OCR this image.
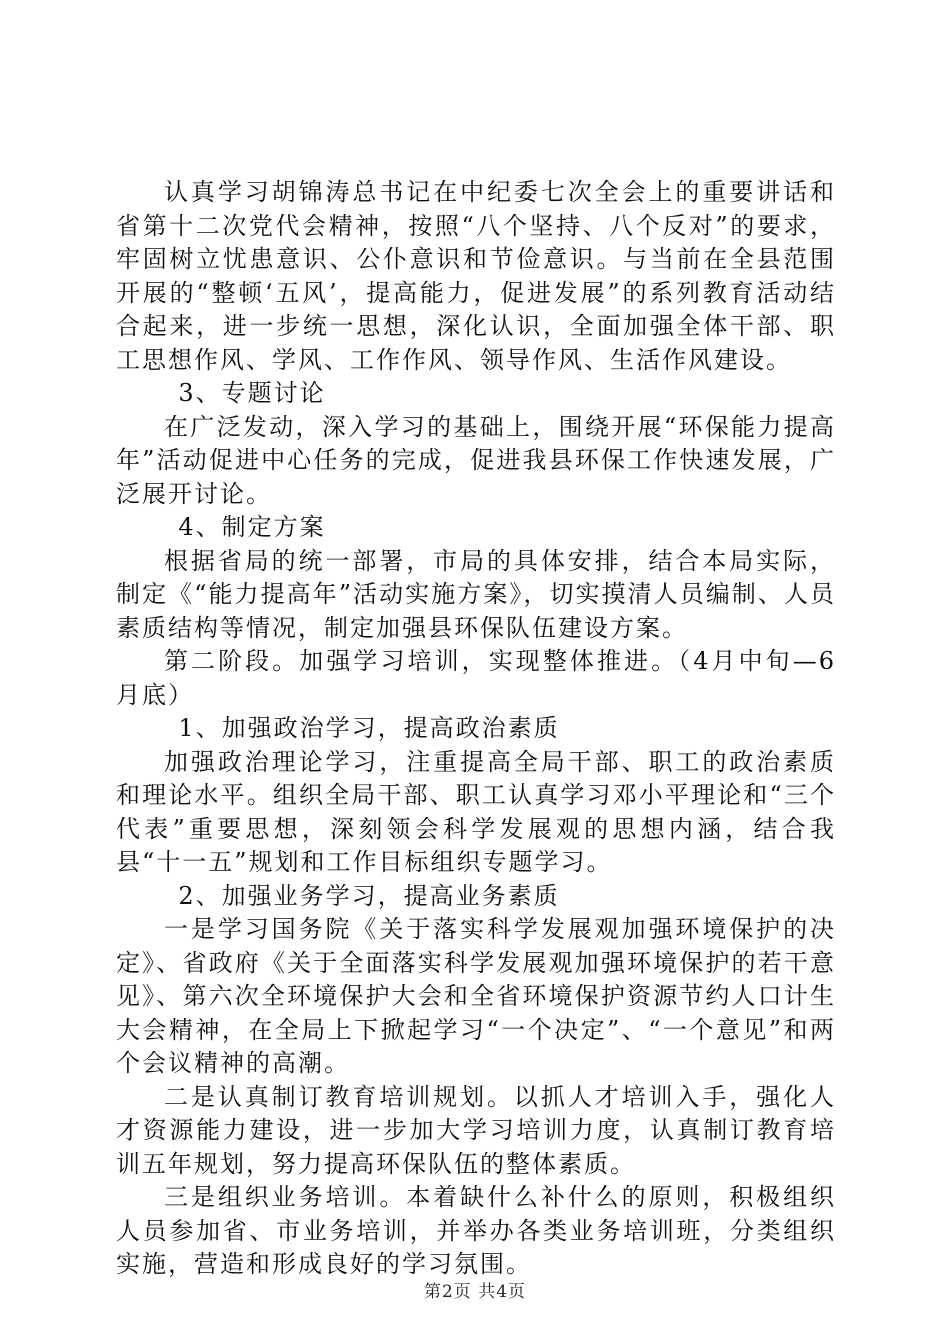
认真学习胡锦涛总书记在中纪委七次全会上的重要讲话和省第十二次党代会精神，按照“八个坚持、八个反对”的要求，牢固树立忧患意识、公仆意识和节俭意识。与当前在全县范围开展的“整顿‘五风’，提高能力，促进发展”的系列教育活动结合起来，进一步统一思想，深化认识，全面加强全体干部、职工思想作风、学风、工作作风、领导作风、生活作风建设。

3、专题讨论

在广泛发动，深入学习的基础上，围绕开展“环保能力提高年”活动促进中心任务的完成，促进我县环保工作快速发展，广泛展开讨论。

4、制定方案

根据省局的统一部署，市局的具体安排，结合本局实际，制定《“能力提高年”活动实施方案》，切实摸清人员编制、人员素质结构等情况，制定加强县环保队伍建设方案。

第二阶段。加强学习培训，实现整体推进。（4月中旬—6月底）

1、加强政治学习，提高政治素质

加强政治理论学习，注重提高全局干部、职工的政治素质和理论水平。组织全局干部、职工认真学习邓小平理论和“三个代表”重要思想，深刻领会科学发展观的思想内涵，结合我县“十一五”规划和工作目标组织专题学习。

2、加强业务学习，提高业务素质

一是学习国务院《关于落实科学发展观加强环境保护的决定》、省政府《关于全面落实科学发展观加强环境保护的若干意见》、第六次全环境保护大会和全省环境保护资源节约人口计生大会精神，在全局上下掀起学习“一个决定”、“一个意见”和两个会议精神的高潮。

二是认真制订教育培训规划。以抓人才培训入手，强化人才资源能力建设，进一步加大学习培训力度，认真制订教育培训五年规划，努力提高环保队伍的整体素质。

三是组织业务培训。本着缺什么补什么的原则，积极组织人员参加省、市业务培训，并举办各类业务培训班，分类组织实施，营造和形成良好的学习氛围。

第2页 共4页
